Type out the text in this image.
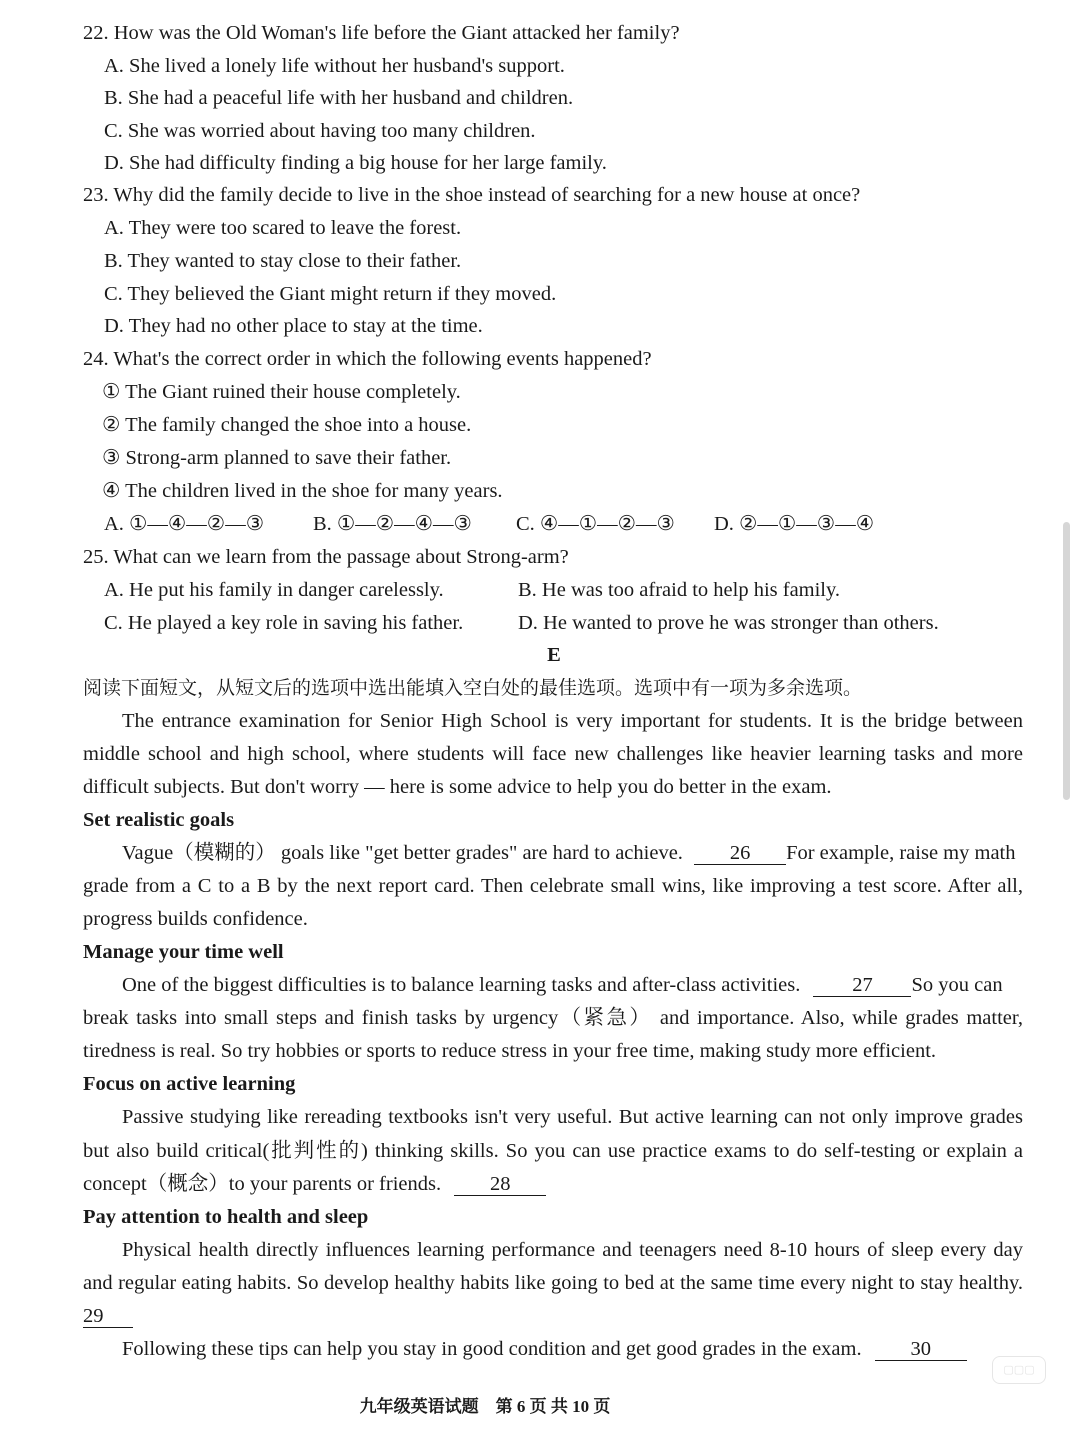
22. How was the Old Woman's life before the Giant attacked her family?
A. She lived a lonely life without her husband's support.
B. She had a peaceful life with her husband and children.
C. She was worried about having too many children.
D. She had difficulty finding a big house for her large family.
23. Why did the family decide to live in the shoe instead of searching for a new house at once?
A. They were too scared to leave the forest.
B. They wanted to stay close to their father.
C. They believed the Giant might return if they moved.
D. They had no other place to stay at the time.
24. What's the correct order in which the following events happened?
① The Giant ruined their house completely.
② The family changed the shoe into a house.
③ Strong-arm planned to save their father.
④ The children lived in the shoe for many years.
A. ①—④—②—③ B. ①—②—④—③ C. ④—①—②—③ D. ②—①—③—④
25. What can we learn from the passage about Strong-arm?
A. He put his family in danger carelessly.	B. He was too afraid to help his family.
C. He played a key role in saving his father.	D. He wanted to prove he was stronger than others.
E
阅读下面短文，从短文后的选项中选出能填入空白处的最佳选项。选项中有一项为多余选项。
The entrance examination for Senior High School is very important for students. It is the bridge between
middle school and high school, where students will face new challenges like heavier learning tasks and more
difficult subjects. But don't worry — here is some advice to help you do better in the exam.
Set realistic goals
Vague（模糊的） goals like "get better grades" are hard to achieve. 26 For example, raise my math
grade from a C to a B by the next report card. Then celebrate small wins, like improving a test score. After all,
progress builds confidence.
Manage your time well
One of the biggest difficulties is to balance learning tasks and after-class activities.	27 So you can
break tasks into small steps and finish tasks by urgency（紧急） and importance. Also, while grades matter,
tiredness is real. So try hobbies or sports to reduce stress in your free time, making study more efficient.
Focus on active learning
Passive studying like rereading textbooks isn't very useful. But active learning can not only improve grades
but also build critical(批判性的) thinking skills. So you can use practice exams to do self-testing or explain a
concept（概念）to your parents or friends. 28
Pay attention to health and sleep
Physical health directly influences learning performance and teenagers need 8-10 hours of sleep every day
and regular eating habits. So develop healthy habits like going to bed at the same time every night to stay healthy.
29
Following these tips can help you stay in good condition and get good grades in the exam. 30
九年级英语试题　第 6 页 共 10 页
▢▢▢
